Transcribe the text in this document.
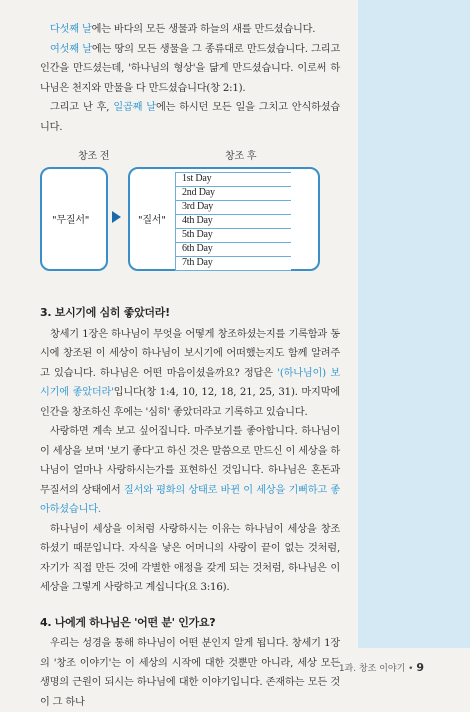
다섯째 날에는 바다의 모든 생물과 하늘의 새를 만드셨습니다.

여섯째 날에는 땅의 모든 생물을 그 종류대로 만드셨습니다. 그리고 인간을 만드셨는데, '하나님의 형상'을 닮게 만드셨습니다. 이로써 하나님은 천지와 만물을 다 만드셨습니다(창 2:1).

그리고 난 후, 일곱째 날에는 하시던 모든 일을 그치고 안식하셨습니다.

창조 전	창조 후
"무질서"	"질서"
1st Day
2nd Day
3rd Day
4th Day
5th Day
6th Day
7th Day
3. 보시기에 심히 좋았더라!

창세기 1장은 하나님이 무엇을 어떻게 창조하셨는지를 기록함과 동시에 창조된 이 세상이 하나님이 보시기에 어떠했는지도 함께 알려주고 있습니다. 하나님은 어떤 마음이셨을까요? 정답은 '(하나님이) 보시기에 좋았더라'입니다(창 1:4, 10, 12, 18, 21, 25, 31). 마지막에 인간을 창조하신 후에는 '심히' 좋았더라고 기록하고 있습니다.

사랑하면 계속 보고 싶어집니다. 마주보기를 좋아합니다. 하나님이 이 세상을 보며 '보기 좋다'고 하신 것은 말씀으로 만드신 이 세상을 하나님이 얼마나 사랑하시는가를 표현하신 것입니다. 하나님은 혼돈과 무질서의 상태에서 질서와 평화의 상태로 바뀐 이 세상을 기뻐하고 좋아하셨습니다.

하나님이 세상을 이처럼 사랑하시는 이유는 하나님이 세상을 창조하셨기 때문입니다. 자식을 낳은 어머니의 사랑이 끝이 없는 것처럼, 자기가 직접 만든 것에 각별한 애정을 갖게 되는 것처럼, 하나님은 이 세상을 그렇게 사랑하고 계십니다(요 3:16).

4. 나에게 하나님은 '어떤 분' 인가요?

우리는 성경을 통해 하나님이 어떤 분인지 알게 됩니다. 창세기 1장의 '창조 이야기'는 이 세상의 시작에 대한 것뿐만 아니라, 세상 모든 생명의 근원이 되시는 하나님에 대한 이야기입니다. 존재하는 모든 것이 그 하나

1과. 창조 이야기 • 9
